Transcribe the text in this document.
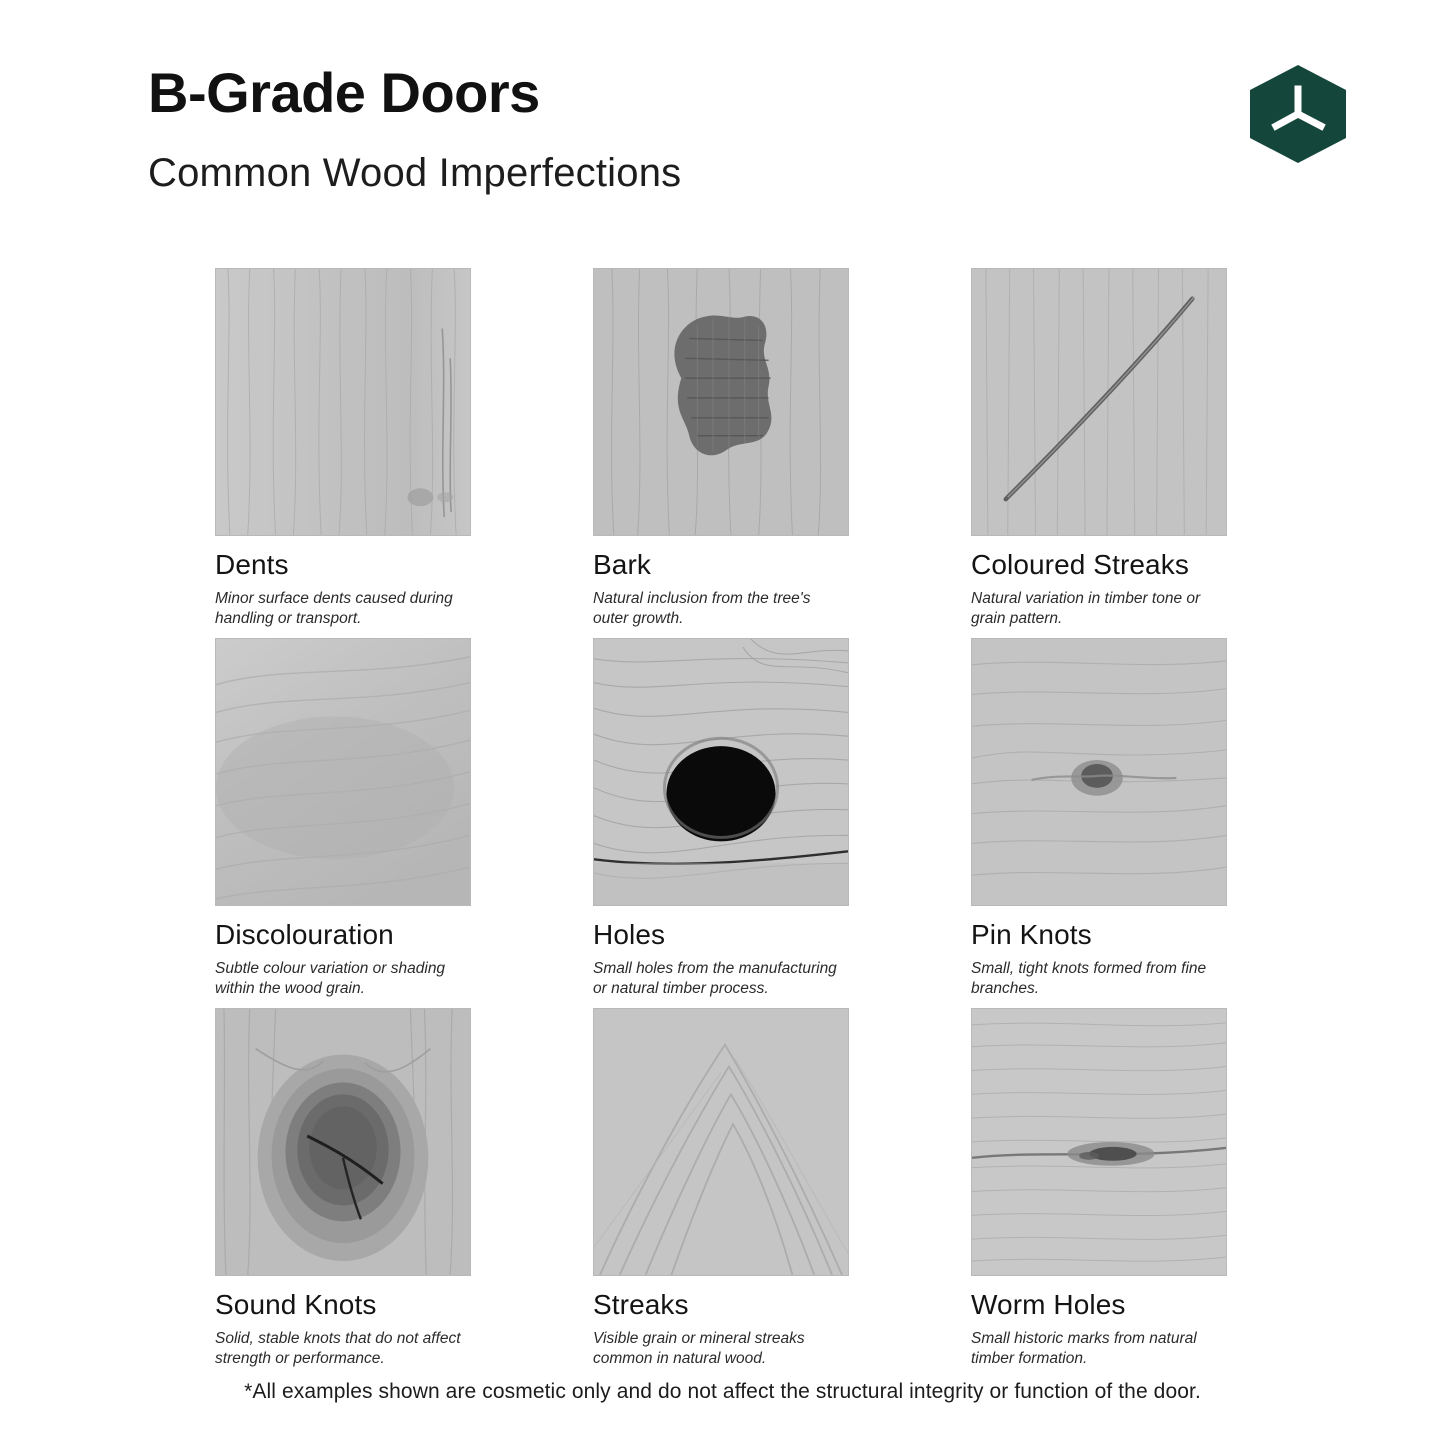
B-Grade Doors
Common Wood Imperfections
Dents
Minor surface dents caused during handling or transport.
Bark
Natural inclusion from the tree's outer growth.
Coloured Streaks
Natural variation in timber tone or grain pattern.
Discolouration
Subtle colour variation or shading within the wood grain.
Holes
Small holes from the manufacturing or natural timber process.
Pin Knots
Small, tight knots formed from fine branches.
Sound Knots
Solid, stable knots that do not affect strength or performance.
Streaks
Visible grain or mineral streaks common in natural wood.
Worm Holes
Small historic marks from natural timber formation.
*All examples shown are cosmetic only and do not affect the structural integrity or function of the door.
